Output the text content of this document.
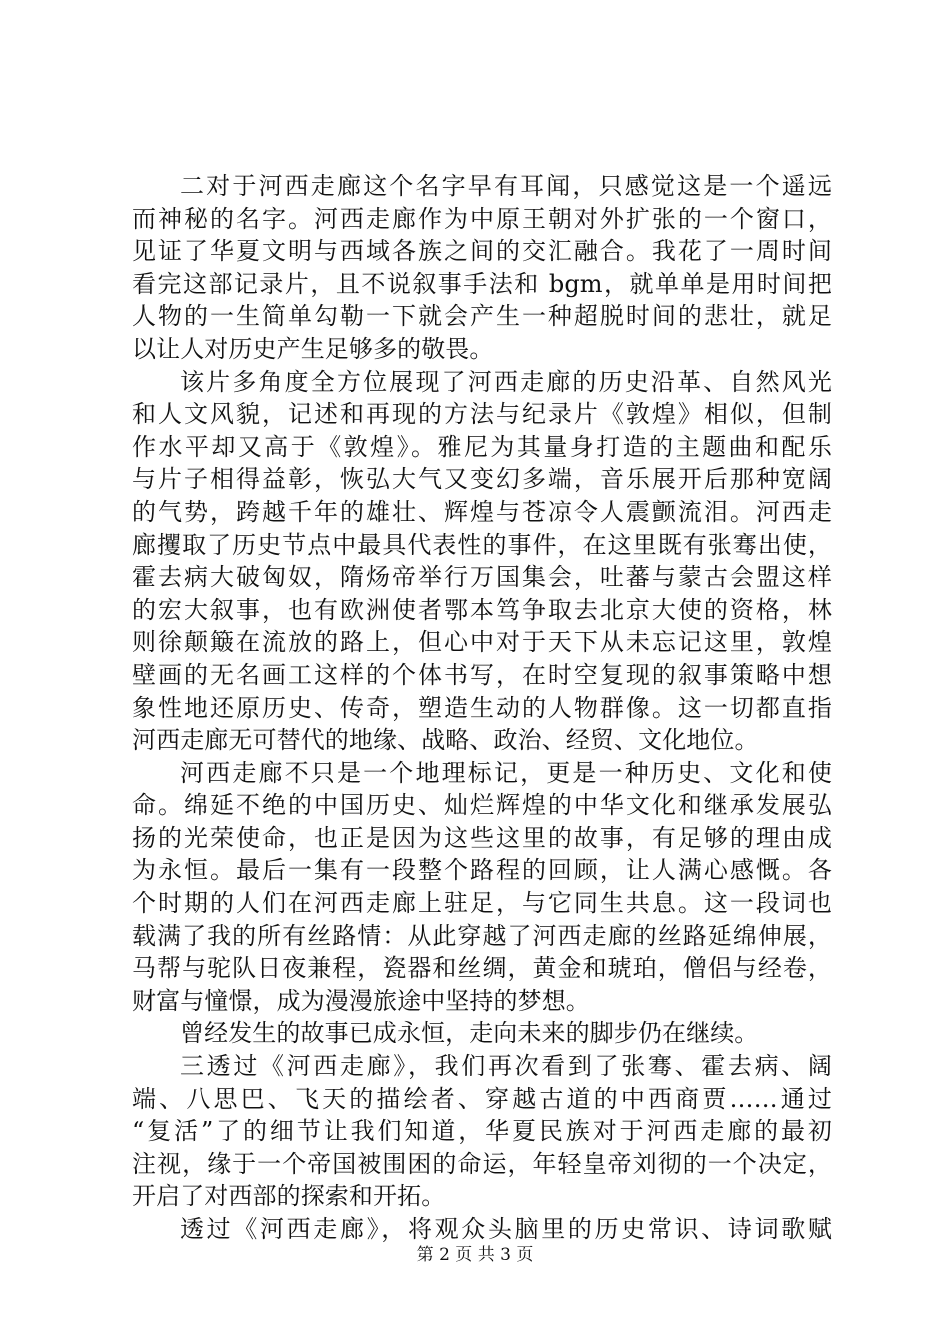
二对于河西走廊这个名字早有耳闻，只感觉这是一个遥远
而神秘的名字。河西走廊作为中原王朝对外扩张的一个窗口，
见证了华夏文明与西域各族之间的交汇融合。我花了一周时间
看完这部记录片，且不说叙事手法和 bgm，就单单是用时间把
人物的一生简单勾勒一下就会产生一种超脱时间的悲壮，就足
以让人对历史产生足够多的敬畏。
该片多角度全方位展现了河西走廊的历史沿革、自然风光
和人文风貌，记述和再现的方法与纪录片《敦煌》相似，但制
作水平却又高于《敦煌》。雅尼为其量身打造的主题曲和配乐
与片子相得益彰，恢弘大气又变幻多端，音乐展开后那种宽阔
的气势，跨越千年的雄壮、辉煌与苍凉令人震颤流泪。河西走
廊攫取了历史节点中最具代表性的事件，在这里既有张骞出使，
霍去病大破匈奴，隋炀帝举行万国集会，吐蕃与蒙古会盟这样
的宏大叙事，也有欧洲使者鄂本笃争取去北京大使的资格，林
则徐颠簸在流放的路上，但心中对于天下从未忘记这里，敦煌
壁画的无名画工这样的个体书写，在时空复现的叙事策略中想
象性地还原历史、传奇，塑造生动的人物群像。这一切都直指
河西走廊无可替代的地缘、战略、政治、经贸、文化地位。
河西走廊不只是一个地理标记，更是一种历史、文化和使
命。绵延不绝的中国历史、灿烂辉煌的中华文化和继承发展弘
扬的光荣使命，也正是因为这些这里的故事，有足够的理由成
为永恒。最后一集有一段整个路程的回顾，让人满心感慨。各
个时期的人们在河西走廊上驻足，与它同生共息。这一段词也
载满了我的所有丝路情：从此穿越了河西走廊的丝路延绵伸展，
马帮与驼队日夜兼程，瓷器和丝绸，黄金和琥珀，僧侣与经卷，
财富与憧憬，成为漫漫旅途中坚持的梦想。
曾经发生的故事已成永恒，走向未来的脚步仍在继续。
三透过《河西走廊》，我们再次看到了张骞、霍去病、阔
端、八思巴、飞天的描绘者、穿越古道的中西商贾……通过
“复活”了的细节让我们知道，华夏民族对于河西走廊的最初
注视，缘于一个帝国被围困的命运，年轻皇帝刘彻的一个决定，
开启了对西部的探索和开拓。
透过《河西走廊》，将观众头脑里的历史常识、诗词歌赋
第 2 页 共 3 页
